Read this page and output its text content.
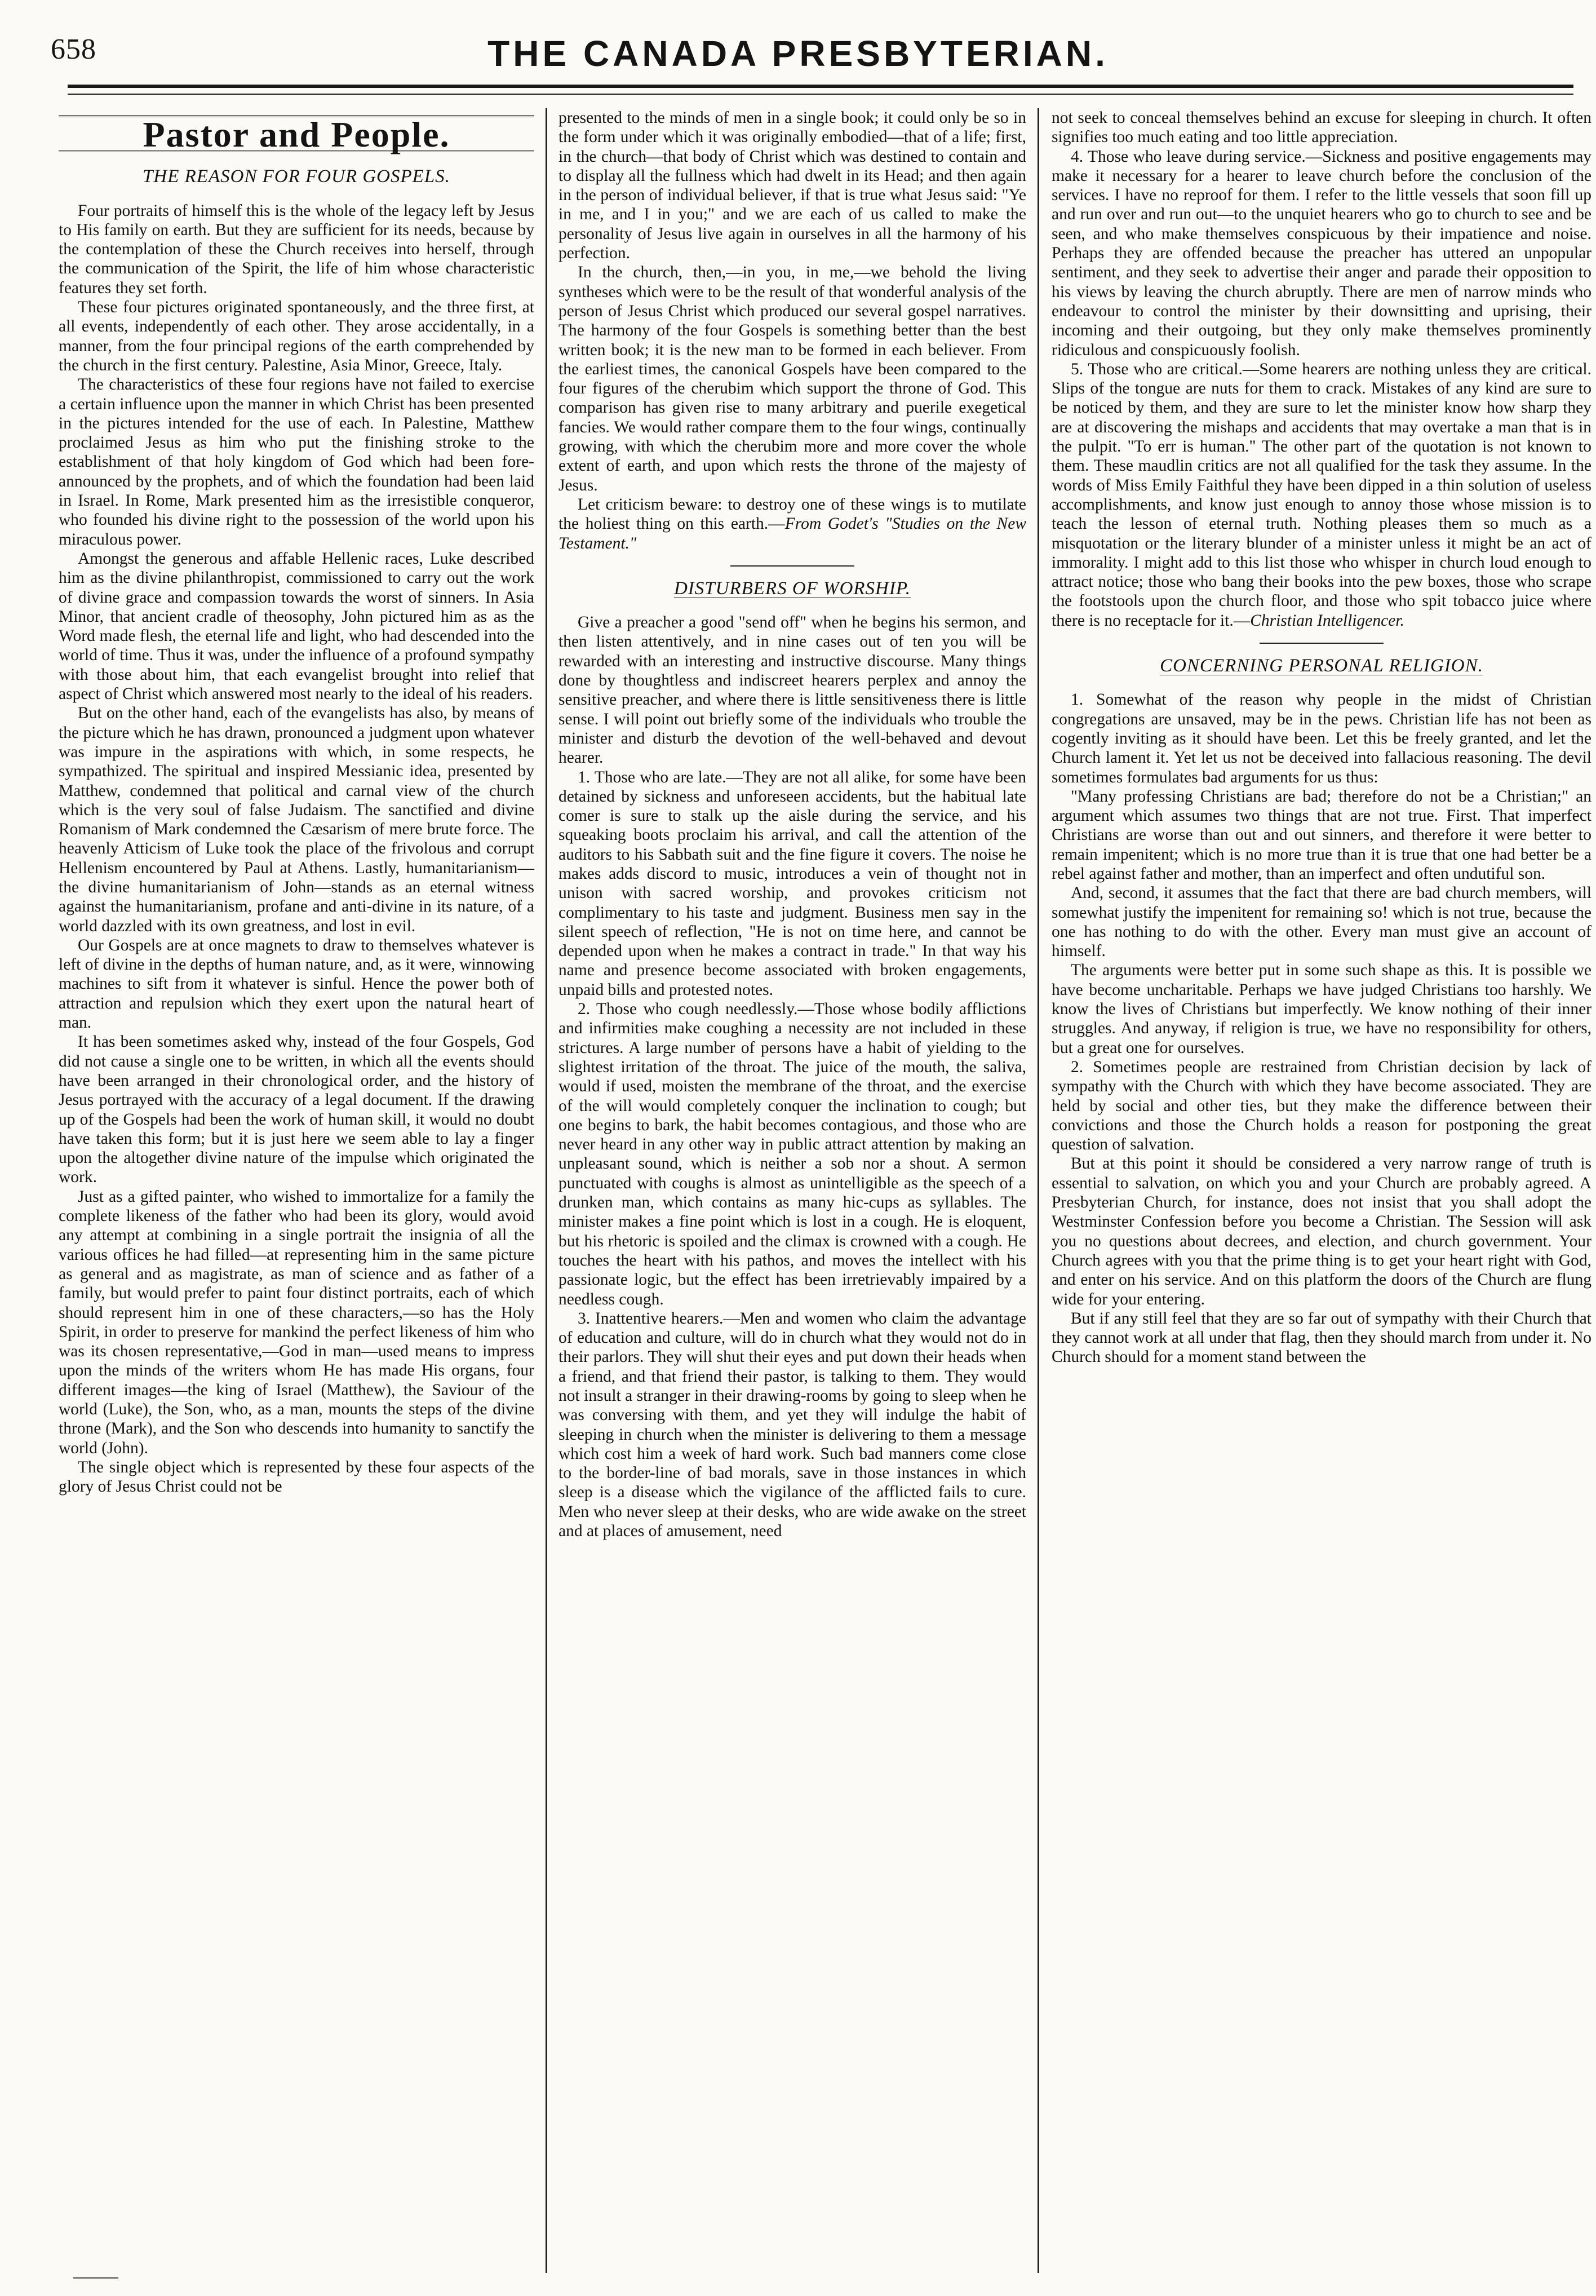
658	THE CANADA PRESBYTERIAN.
Pastor and People.
THE REASON FOR FOUR GOSPELS.

Four portraits of himself this is the whole of the legacy left by Jesus to His family on earth. But they are sufficient for its needs, because by the contemplation of these the Church receives into herself, through the communication of the Spirit, the life of him whose characteristic features they set forth.

These four pictures originated spontaneously, and the three first, at all events, independently of each other. They arose accidentally, in a manner, from the four principal regions of the earth comprehended by the church in the first century. Palestine, Asia Minor, Greece, Italy.

The characteristics of these four regions have not failed to exercise a certain influence upon the manner in which Christ has been presented in the pictures intended for the use of each. In Palestine, Matthew proclaimed Jesus as him who put the finishing stroke to the establishment of that holy kingdom of God which had been fore-announced by the prophets, and of which the foundation had been laid in Israel. In Rome, Mark presented him as the irresistible conqueror, who founded his divine right to the possession of the world upon his miraculous power.

Amongst the generous and affable Hellenic races, Luke described him as the divine philanthropist, commissioned to carry out the work of divine grace and compassion towards the worst of sinners. In Asia Minor, that ancient cradle of theosophy, John pictured him as as the Word made flesh, the eternal life and light, who had descended into the world of time. Thus it was, under the influence of a profound sympathy with those about him, that each evangelist brought into relief that aspect of Christ which answered most nearly to the ideal of his readers.

But on the other hand, each of the evangelists has also, by means of the picture which he has drawn, pronounced a judgment upon whatever was impure in the aspirations with which, in some respects, he sympathized. The spiritual and inspired Messianic idea, presented by Matthew, condemned that political and carnal view of the church which is the very soul of false Judaism. The sanctified and divine Romanism of Mark condemned the Cæsarism of mere brute force. The heavenly Atticism of Luke took the place of the frivolous and corrupt Hellenism encountered by Paul at Athens. Lastly, humanitarianism—the divine humanitarianism of John—stands as an eternal witness against the humanitarianism, profane and anti-divine in its nature, of a world dazzled with its own greatness, and lost in evil.

Our Gospels are at once magnets to draw to themselves whatever is left of divine in the depths of human nature, and, as it were, winnowing machines to sift from it whatever is sinful. Hence the power both of attraction and repulsion which they exert upon the natural heart of man.

It has been sometimes asked why, instead of the four Gospels, God did not cause a single one to be written, in which all the events should have been arranged in their chronological order, and the history of Jesus portrayed with the accuracy of a legal document. If the drawing up of the Gospels had been the work of human skill, it would no doubt have taken this form; but it is just here we seem able to lay a finger upon the altogether divine nature of the impulse which originated the work.

Just as a gifted painter, who wished to immortalize for a family the complete likeness of the father who had been its glory, would avoid any attempt at combining in a single portrait the insignia of all the various offices he had filled—at representing him in the same picture as general and as magistrate, as man of science and as father of a family, but would prefer to paint four distinct portraits, each of which should represent him in one of these characters,—so has the Holy Spirit, in order to preserve for mankind the perfect likeness of him who was its chosen representative,—God in man—used means to impress upon the minds of the writers whom He has made His organs, four different images—the king of Israel (Matthew), the Saviour of the world (Luke), the Son, who, as a man, mounts the steps of the divine throne (Mark), and the Son who descends into humanity to sanctify the world (John).

The single object which is represented by these four aspects of the glory of Jesus Christ could not be

presented to the minds of men in a single book; it could only be so in the form under which it was originally embodied—that of a life; first, in the church—that body of Christ which was destined to contain and to display all the fullness which had dwelt in its Head; and then again in the person of individual believer, if that is true what Jesus said: "Ye in me, and I in you;" and we are each of us called to make the personality of Jesus live again in ourselves in all the harmony of his perfection.

In the church, then,—in you, in me,—we behold the living syntheses which were to be the result of that wonderful analysis of the person of Jesus Christ which produced our several gospel narratives. The harmony of the four Gospels is something better than the best written book; it is the new man to be formed in each believer. From the earliest times, the canonical Gospels have been compared to the four figures of the cherubim which support the throne of God. This comparison has given rise to many arbitrary and puerile exegetical fancies. We would rather compare them to the four wings, continually growing, with which the cherubim more and more cover the whole extent of earth, and upon which rests the throne of the majesty of Jesus.

Let criticism beware: to destroy one of these wings is to mutilate the holiest thing on this earth.—From Godet's "Studies on the New Testament."

DISTURBERS OF WORSHIP.

Give a preacher a good "send off" when he begins his sermon, and then listen attentively, and in nine cases out of ten you will be rewarded with an interesting and instructive discourse. Many things done by thoughtless and indiscreet hearers perplex and annoy the sensitive preacher, and where there is little sensitiveness there is little sense. I will point out briefly some of the individuals who trouble the minister and disturb the devotion of the well-behaved and devout hearer.

1. Those who are late.—They are not all alike, for some have been detained by sickness and unforeseen accidents, but the habitual late comer is sure to stalk up the aisle during the service, and his squeaking boots proclaim his arrival, and call the attention of the auditors to his Sabbath suit and the fine figure it covers. The noise he makes adds discord to music, introduces a vein of thought not in unison with sacred worship, and provokes criticism not complimentary to his taste and judgment. Business men say in the silent speech of reflection, "He is not on time here, and cannot be depended upon when he makes a contract in trade." In that way his name and presence become associated with broken engagements, unpaid bills and protested notes.

2. Those who cough needlessly.—Those whose bodily afflictions and infirmities make coughing a necessity are not included in these strictures. A large number of persons have a habit of yielding to the slightest irritation of the throat. The juice of the mouth, the saliva, would if used, moisten the membrane of the throat, and the exercise of the will would completely conquer the inclination to cough; but one begins to bark, the habit becomes contagious, and those who are never heard in any other way in public attract attention by making an unpleasant sound, which is neither a sob nor a shout. A sermon punctuated with coughs is almost as unintelligible as the speech of a drunken man, which contains as many hic-cups as syllables. The minister makes a fine point which is lost in a cough. He is eloquent, but his rhetoric is spoiled and the climax is crowned with a cough. He touches the heart with his pathos, and moves the intellect with his passionate logic, but the effect has been irretrievably impaired by a needless cough.

3. Inattentive hearers.—Men and women who claim the advantage of education and culture, will do in church what they would not do in their parlors. They will shut their eyes and put down their heads when a friend, and that friend their pastor, is talking to them. They would not insult a stranger in their drawing-rooms by going to sleep when he was conversing with them, and yet they will indulge the habit of sleeping in church when the minister is delivering to them a message which cost him a week of hard work. Such bad manners come close to the border-line of bad morals, save in those instances in which sleep is a disease which the vigilance of the afflicted fails to cure. Men who never sleep at their desks, who are wide awake on the street and at places of amusement, need

not seek to conceal themselves behind an excuse for sleeping in church. It often signifies too much eating and too little appreciation.

4. Those who leave during service.—Sickness and positive engagements may make it necessary for a hearer to leave church before the conclusion of the services. I have no reproof for them. I refer to the little vessels that soon fill up and run over and run out—to the unquiet hearers who go to church to see and be seen, and who make themselves conspicuous by their impatience and noise. Perhaps they are offended because the preacher has uttered an unpopular sentiment, and they seek to advertise their anger and parade their opposition to his views by leaving the church abruptly. There are men of narrow minds who endeavour to control the minister by their downsitting and uprising, their incoming and their outgoing, but they only make themselves prominently ridiculous and conspicuously foolish.

5. Those who are critical.—Some hearers are nothing unless they are critical. Slips of the tongue are nuts for them to crack. Mistakes of any kind are sure to be noticed by them, and they are sure to let the minister know how sharp they are at discovering the mishaps and accidents that may overtake a man that is in the pulpit. "To err is human." The other part of the quotation is not known to them. These maudlin critics are not all qualified for the task they assume. In the words of Miss Emily Faithful they have been dipped in a thin solution of useless accomplishments, and know just enough to annoy those whose mission is to teach the lesson of eternal truth. Nothing pleases them so much as a misquotation or the literary blunder of a minister unless it might be an act of immorality. I might add to this list those who whisper in church loud enough to attract notice; those who bang their books into the pew boxes, those who scrape the footstools upon the church floor, and those who spit tobacco juice where there is no receptacle for it.—Christian Intelligencer.

CONCERNING PERSONAL RELIGION.

1. Somewhat of the reason why people in the midst of Christian congregations are unsaved, may be in the pews. Christian life has not been as cogently inviting as it should have been. Let this be freely granted, and let the Church lament it. Yet let us not be deceived into fallacious reasoning. The devil sometimes formulates bad arguments for us thus:

"Many professing Christians are bad; therefore do not be a Christian;" an argument which assumes two things that are not true. First. That imperfect Christians are worse than out and out sinners, and therefore it were better to remain impenitent; which is no more true than it is true that one had better be a rebel against father and mother, than an imperfect and often undutiful son.

And, second, it assumes that the fact that there are bad church members, will somewhat justify the impenitent for remaining so! which is not true, because the one has nothing to do with the other. Every man must give an account of himself.

The arguments were better put in some such shape as this. It is possible we have become uncharitable. Perhaps we have judged Christians too harshly. We know the lives of Christians but imperfectly. We know nothing of their inner struggles. And anyway, if religion is true, we have no responsibility for others, but a great one for ourselves.

2. Sometimes people are restrained from Christian decision by lack of sympathy with the Church with which they have become associated. They are held by social and other ties, but they make the difference between their convictions and those the Church holds a reason for postponing the great question of salvation.

But at this point it should be considered a very narrow range of truth is essential to salvation, on which you and your Church are probably agreed. A Presbyterian Church, for instance, does not insist that you shall adopt the Westminster Confession before you become a Christian. The Session will ask you no questions about decrees, and election, and church government. Your Church agrees with you that the prime thing is to get your heart right with God, and enter on his service. And on this platform the doors of the Church are flung wide for your entering.

But if any still feel that they are so far out of sympathy with their Church that they cannot work at all under that flag, then they should march from under it. No Church should for a moment stand between the
